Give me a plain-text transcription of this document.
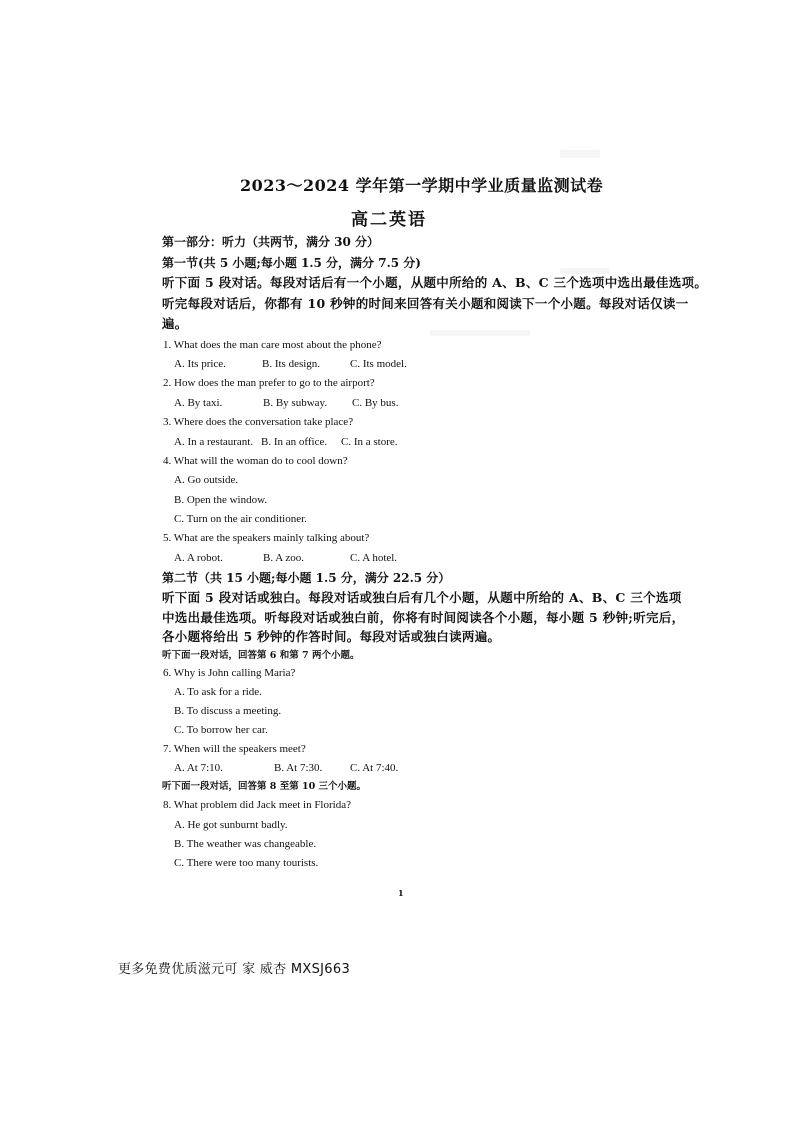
2023～2024 学年第一学期中学业质量监测试卷
高二英语
第一部分：听力（共两节，满分 30 分）
第一节(共 5 小题;每小题 1.5 分，满分 7.5 分)
听下面 5 段对话。每段对话后有一个小题，从题中所给的 A、B、C 三个选项中选出最佳选项。
听完每段对话后，你都有 10 秒钟的时间来回答有关小题和阅读下一个小题。每段对话仅读一
遍。
1. What does the man care most about the phone?
A. Its price.	B. Its design.	C. Its model.
2. How does the man prefer to go to the airport?
A. By taxi.	B. By subway. C. By bus.
3. Where does the conversation take place?
A. In a restaurant. B. In an office. C. In a store.
4. What will the woman do to cool down?
A. Go outside.
B. Open the window.
C. Turn on the air conditioner.
5. What are the speakers mainly talking about?
A. A robot.	B. A zoo.	C. A hotel.
第二节（共 15 小题;每小题 1.5 分，满分 22.5 分）
听下面 5 段对话或独白。每段对话或独白后有几个小题，从题中所给的 A、B、C 三个选项
中选出最佳选项。听每段对话或独白前，你将有时间阅读各个小题，每小题 5 秒钟;听完后，
各小题将给出 5 秒钟的作答时间。每段对话或独白读两遍。
听下面一段对话，回答第 6 和第 7 两个小题。
6. Why is John calling Maria?
A. To ask for a ride.
B. To discuss a meeting.
C. To borrow her car.
7. When will the speakers meet?
A. At 7:10.	B. At 7:30.	C. At 7:40.
听下面一段对话，回答第 8 至第 10 三个小题。
8. What problem did Jack meet in Florida?
A. He got sunburnt badly.
B. The weather was changeable.
C. There were too many tourists.
1
更多免费优质滋元可 家 威杏 MXSJ663
